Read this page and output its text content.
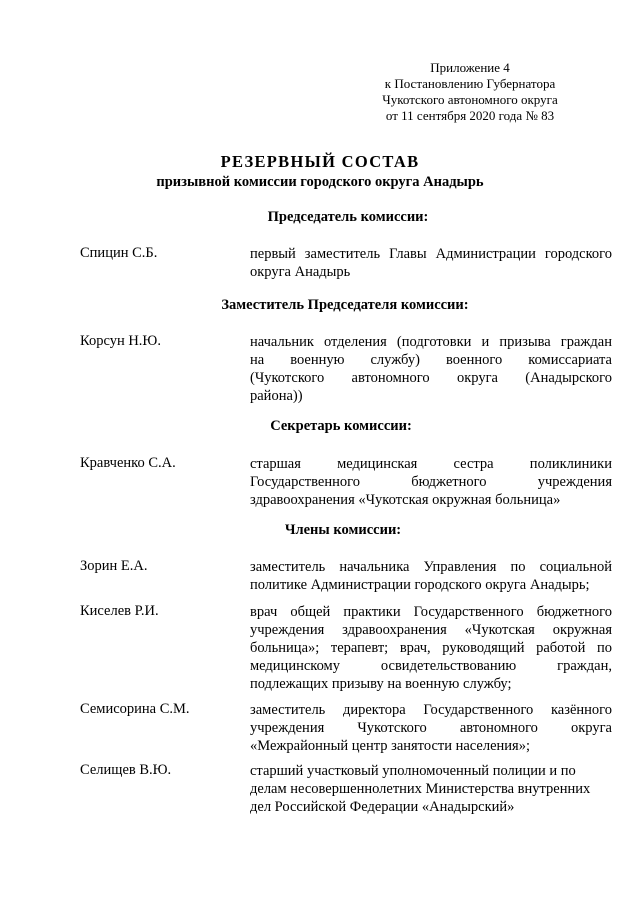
Приложение 4
к Постановлению Губернатора
Чукотского автономного округа
от 11 сентября 2020 года № 83
РЕЗЕРВНЫЙ СОСТАВ
призывной комиссии городского округа Анадырь
Председатель комиссии:
Спицин С.Б.	первый заместитель Главы Администрации городского
округа Анадырь
Заместитель Председателя комиссии:
Корсун Н.Ю.	начальник отделения (подготовки и призыва граждан
на военную службу) военного комиссариата
(Чукотского автономного округа (Анадырского
района))
Секретарь комиссии:
Кравченко С.А.	старшая медицинская сестра поликлиники
Государственного бюджетного учреждения
здравоохранения «Чукотская окружная больница»
Члены комиссии:
Зорин Е.А.	заместитель начальника Управления по социальной
политике Администрации городского округа Анадырь;
Киселев Р.И.	врач общей практики Государственного бюджетного
учреждения здравоохранения «Чукотская окружная
больница»; терапевт; врач, руководящий работой по
медицинскому освидетельствованию граждан,
подлежащих призыву на военную службу;
Семисорина С.М.	заместитель директора Государственного казённого
учреждения Чукотского автономного округа
«Межрайонный центр занятости населения»;
Селищев В.Ю.	старший участковый уполномоченный полиции и по
делам несовершеннолетних Министерства внутренних
дел Российской Федерации «Анадырский»
